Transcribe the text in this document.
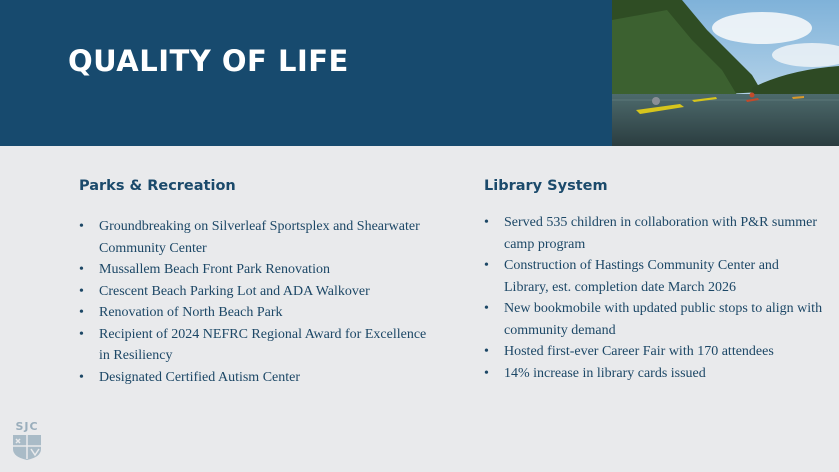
QUALITY OF LIFE
Parks & Recreation
• Groundbreaking on Silverleaf Sportsplex and Shearwater Community Center
• Mussallem Beach Front Park Renovation
• Crescent Beach Parking Lot and ADA Walkover
• Renovation of North Beach Park
• Recipient of 2024 NEFRC Regional Award for Excellence in Resiliency
• Designated Certified Autism Center
Library System
• Served 535 children in collaboration with P&R summer camp program
• Construction of Hastings Community Center and Library, est. completion date March 2026
• New bookmobile with updated public stops to align with community demand
• Hosted first-ever Career Fair with 170 attendees
• 14% increase in library cards issued
SJC
